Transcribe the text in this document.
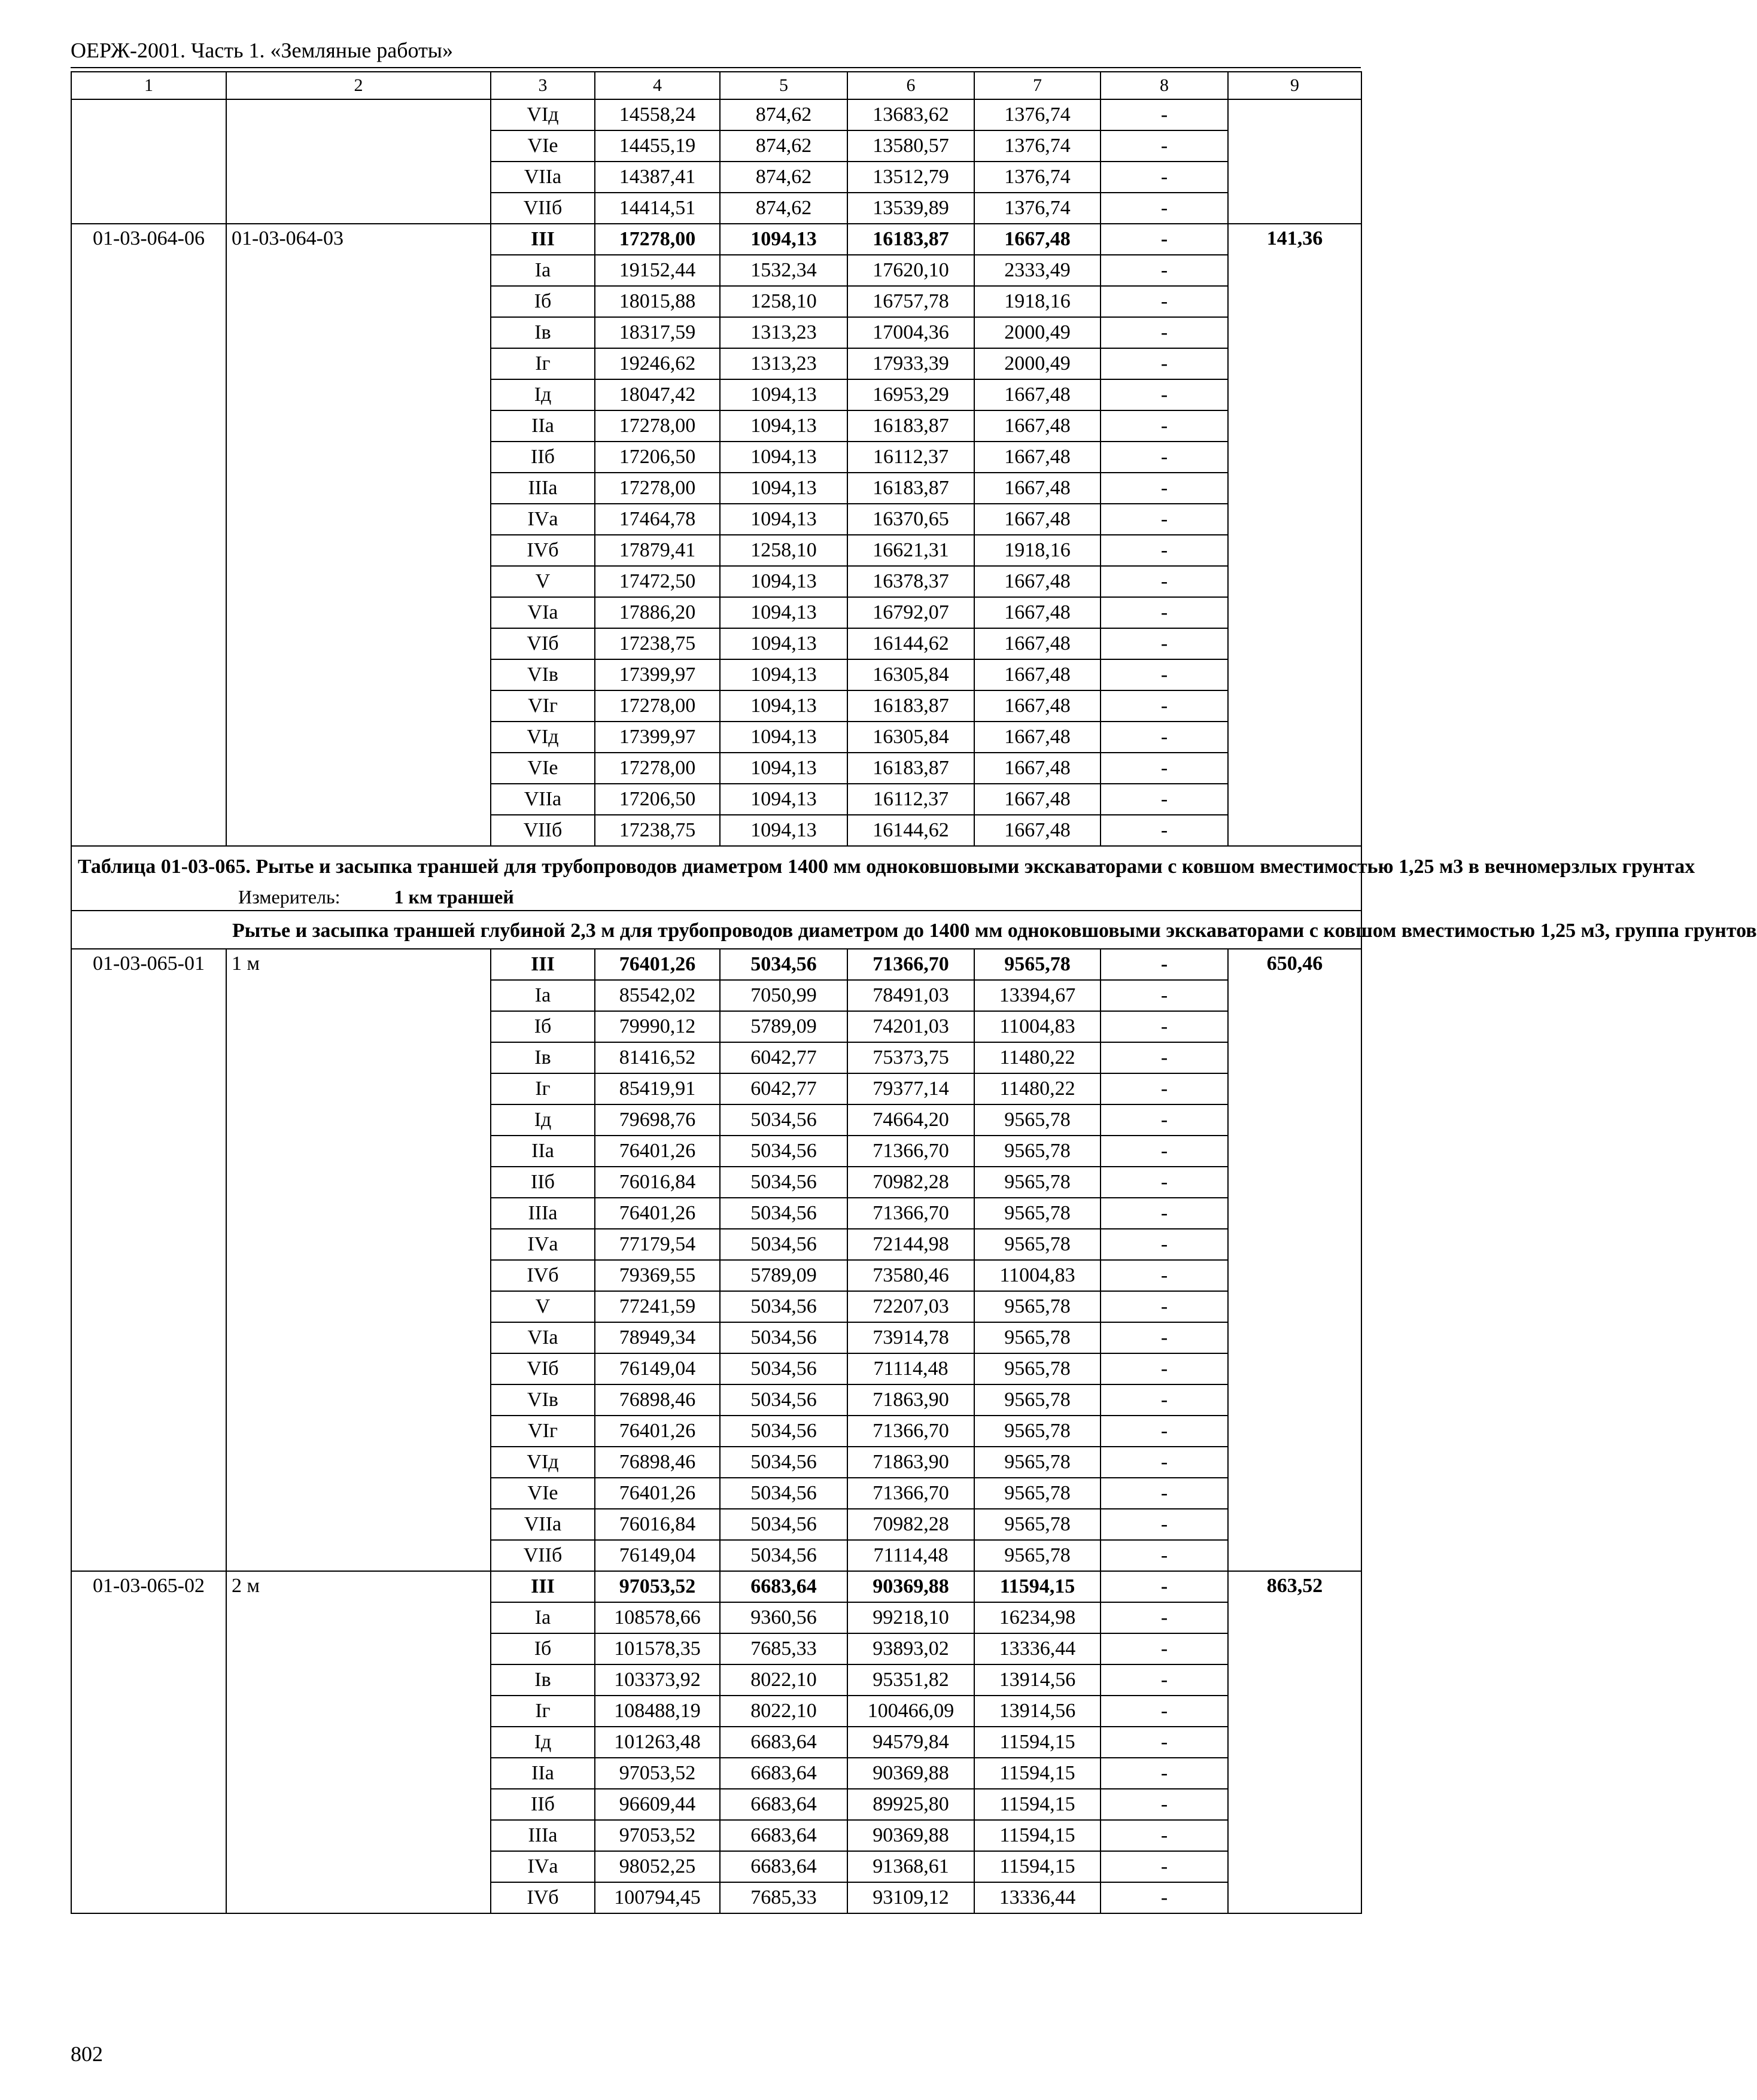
ОЕРЖ-2001. Часть 1. «Земляные работы»
1	2	3	4	5	6	7	8	9
		VIд	14558,24	874,62	13683,62	1376,74	-	
		VIе	14455,19	874,62	13580,57	1376,74	-	
		VIIа	14387,41	874,62	13512,79	1376,74	-	
		VIIб	14414,51	874,62	13539,89	1376,74	-	
01-03-064-06	01-03-064-03	III	17278,00	1094,13	16183,87	1667,48	-	141,36
		Iа	19152,44	1532,34	17620,10	2333,49	-	
		Iб	18015,88	1258,10	16757,78	1918,16	-	
		Iв	18317,59	1313,23	17004,36	2000,49	-	
		Iг	19246,62	1313,23	17933,39	2000,49	-	
		Iд	18047,42	1094,13	16953,29	1667,48	-	
		IIа	17278,00	1094,13	16183,87	1667,48	-	
		IIб	17206,50	1094,13	16112,37	1667,48	-	
		IIIа	17278,00	1094,13	16183,87	1667,48	-	
		IVа	17464,78	1094,13	16370,65	1667,48	-	
		IVб	17879,41	1258,10	16621,31	1918,16	-	
		V	17472,50	1094,13	16378,37	1667,48	-	
		VIа	17886,20	1094,13	16792,07	1667,48	-	
		VIб	17238,75	1094,13	16144,62	1667,48	-	
		VIв	17399,97	1094,13	16305,84	1667,48	-	
		VIг	17278,00	1094,13	16183,87	1667,48	-	
		VIд	17399,97	1094,13	16305,84	1667,48	-	
		VIе	17278,00	1094,13	16183,87	1667,48	-	
		VIIа	17206,50	1094,13	16112,37	1667,48	-	
		VIIб	17238,75	1094,13	16144,62	1667,48	-	

Таблица 01-03-065. Рытье и засыпка траншей для трубопроводов диаметром 1400 мм одноковшовыми экскаваторами с ковшом вместимостью 1,25 м3 в вечномерзлых грунтах
Измеритель: 1 км траншей								

Рытье и засыпка траншей глубиной 2,3 м для трубопроводов диаметром до 1400 мм одноковшовыми экскаваторами с ковшом вместимостью 1,25 м3, группа грунтов								
01-03-065-01	1 м	III	76401,26	5034,56	71366,70	9565,78	-	650,46
		Iа	85542,02	7050,99	78491,03	13394,67	-	
		Iб	79990,12	5789,09	74201,03	11004,83	-	
		Iв	81416,52	6042,77	75373,75	11480,22	-	
		Iг	85419,91	6042,77	79377,14	11480,22	-	
		Iд	79698,76	5034,56	74664,20	9565,78	-	
		IIа	76401,26	5034,56	71366,70	9565,78	-	
		IIб	76016,84	5034,56	70982,28	9565,78	-	
		IIIа	76401,26	5034,56	71366,70	9565,78	-	
		IVа	77179,54	5034,56	72144,98	9565,78	-	
		IVб	79369,55	5789,09	73580,46	11004,83	-	
		V	77241,59	5034,56	72207,03	9565,78	-	
		VIа	78949,34	5034,56	73914,78	9565,78	-	
		VIб	76149,04	5034,56	71114,48	9565,78	-	
		VIв	76898,46	5034,56	71863,90	9565,78	-	
		VIг	76401,26	5034,56	71366,70	9565,78	-	
		VIд	76898,46	5034,56	71863,90	9565,78	-	
		VIе	76401,26	5034,56	71366,70	9565,78	-	
		VIIа	76016,84	5034,56	70982,28	9565,78	-	
		VIIб	76149,04	5034,56	71114,48	9565,78	-	
01-03-065-02	2 м	III	97053,52	6683,64	90369,88	11594,15	-	863,52
		Iа	108578,66	9360,56	99218,10	16234,98	-	
		Iб	101578,35	7685,33	93893,02	13336,44	-	
		Iв	103373,92	8022,10	95351,82	13914,56	-	
		Iг	108488,19	8022,10	100466,09	13914,56	-	
		Iд	101263,48	6683,64	94579,84	11594,15	-	
		IIа	97053,52	6683,64	90369,88	11594,15	-	
		IIб	96609,44	6683,64	89925,80	11594,15	-	
		IIIа	97053,52	6683,64	90369,88	11594,15	-	
		IVа	98052,25	6683,64	91368,61	11594,15	-	
		IVб	100794,45	7685,33	93109,12	13336,44	-	
802
